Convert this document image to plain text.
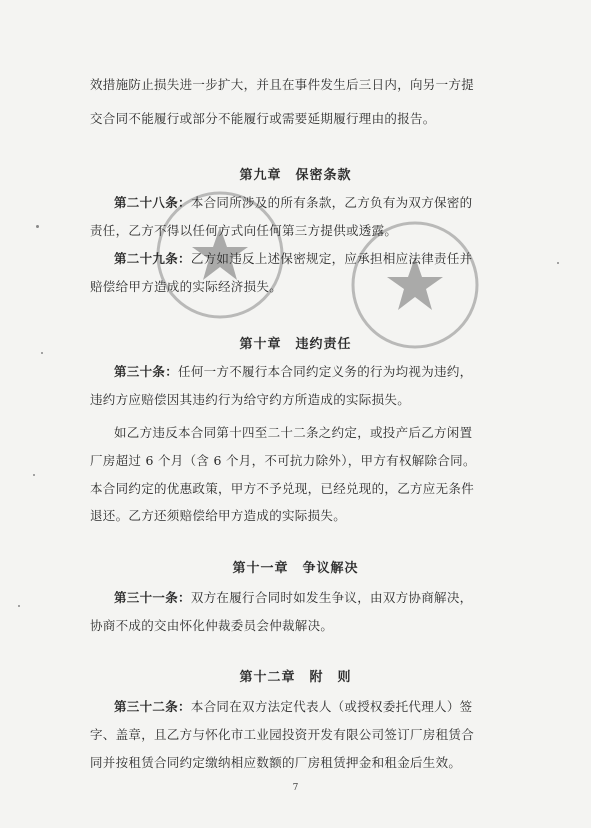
效措施防止损失进一步扩大，并且在事件发生后三日内，向另一方提
交合同不能履行或部分不能履行或需要延期履行理由的报告。
第九章　保密条款
第二十八条：本合同所涉及的所有条款，乙方负有为双方保密的
责任，乙方不得以任何方式向任何第三方提供或透露。
第二十九条：乙方如违反上述保密规定，应承担相应法律责任并
赔偿给甲方造成的实际经济损失。
第十章　违约责任
第三十条：任何一方不履行本合同约定义务的行为均视为违约，
违约方应赔偿因其违约行为给守约方所造成的实际损失。
如乙方违反本合同第十四至二十二条之约定，或投产后乙方闲置
厂房超过 6 个月（含 6 个月，不可抗力除外），甲方有权解除合同。
本合同约定的优惠政策，甲方不予兑现，已经兑现的，乙方应无条件
退还。乙方还须赔偿给甲方造成的实际损失。
第十一章　争议解决
第三十一条：双方在履行合同时如发生争议，由双方协商解决，
协商不成的交由怀化仲裁委员会仲裁解决。
第十二章　附　则
第三十二条：本合同在双方法定代表人（或授权委托代理人）签
字、盖章，且乙方与怀化市工业园投资开发有限公司签订厂房租赁合
同并按租赁合同约定缴纳相应数额的厂房租赁押金和租金后生效。
7
